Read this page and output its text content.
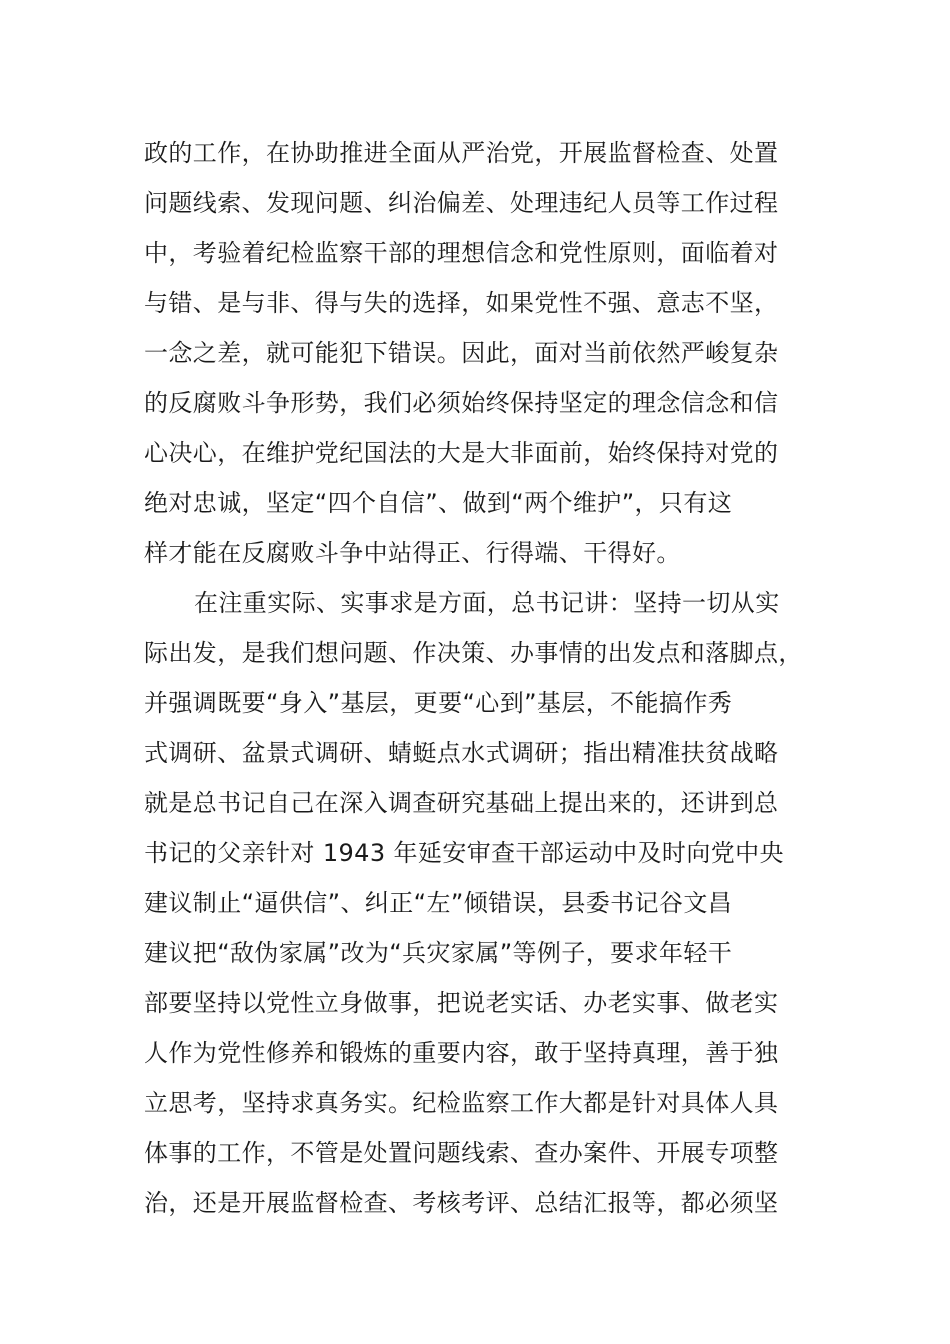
政的工作，在协助推进全面从严治党，开展监督检查、处置
问题线索、发现问题、纠治偏差、处理违纪人员等工作过程
中，考验着纪检监察干部的理想信念和党性原则，面临着对
与错、是与非、得与失的选择，如果党性不强、意志不坚，
一念之差，就可能犯下错误。因此，面对当前依然严峻复杂
的反腐败斗争形势，我们必须始终保持坚定的理念信念和信
心决心，在维护党纪国法的大是大非面前，始终保持对党的
绝对忠诚，坚定“四个自信”、做到“两个维护”，只有这
样才能在反腐败斗争中站得正、行得端、干得好。
在注重实际、实事求是方面，总书记讲：坚持一切从实
际出发，是我们想问题、作决策、办事情的出发点和落脚点，
并强调既要“身入”基层，更要“心到”基层，不能搞作秀
式调研、盆景式调研、蜻蜓点水式调研；指出精准扶贫战略
就是总书记自己在深入调查研究基础上提出来的，还讲到总
书记的父亲针对 1943 年延安审查干部运动中及时向党中央
建议制止“逼供信”、纠正“左”倾错误，县委书记谷文昌
建议把“敌伪家属”改为“兵灾家属”等例子，要求年轻干
部要坚持以党性立身做事，把说老实话、办老实事、做老实
人作为党性修养和锻炼的重要内容，敢于坚持真理，善于独
立思考，坚持求真务实。纪检监察工作大都是针对具体人具
体事的工作，不管是处置问题线索、查办案件、开展专项整
治，还是开展监督检查、考核考评、总结汇报等，都必须坚
